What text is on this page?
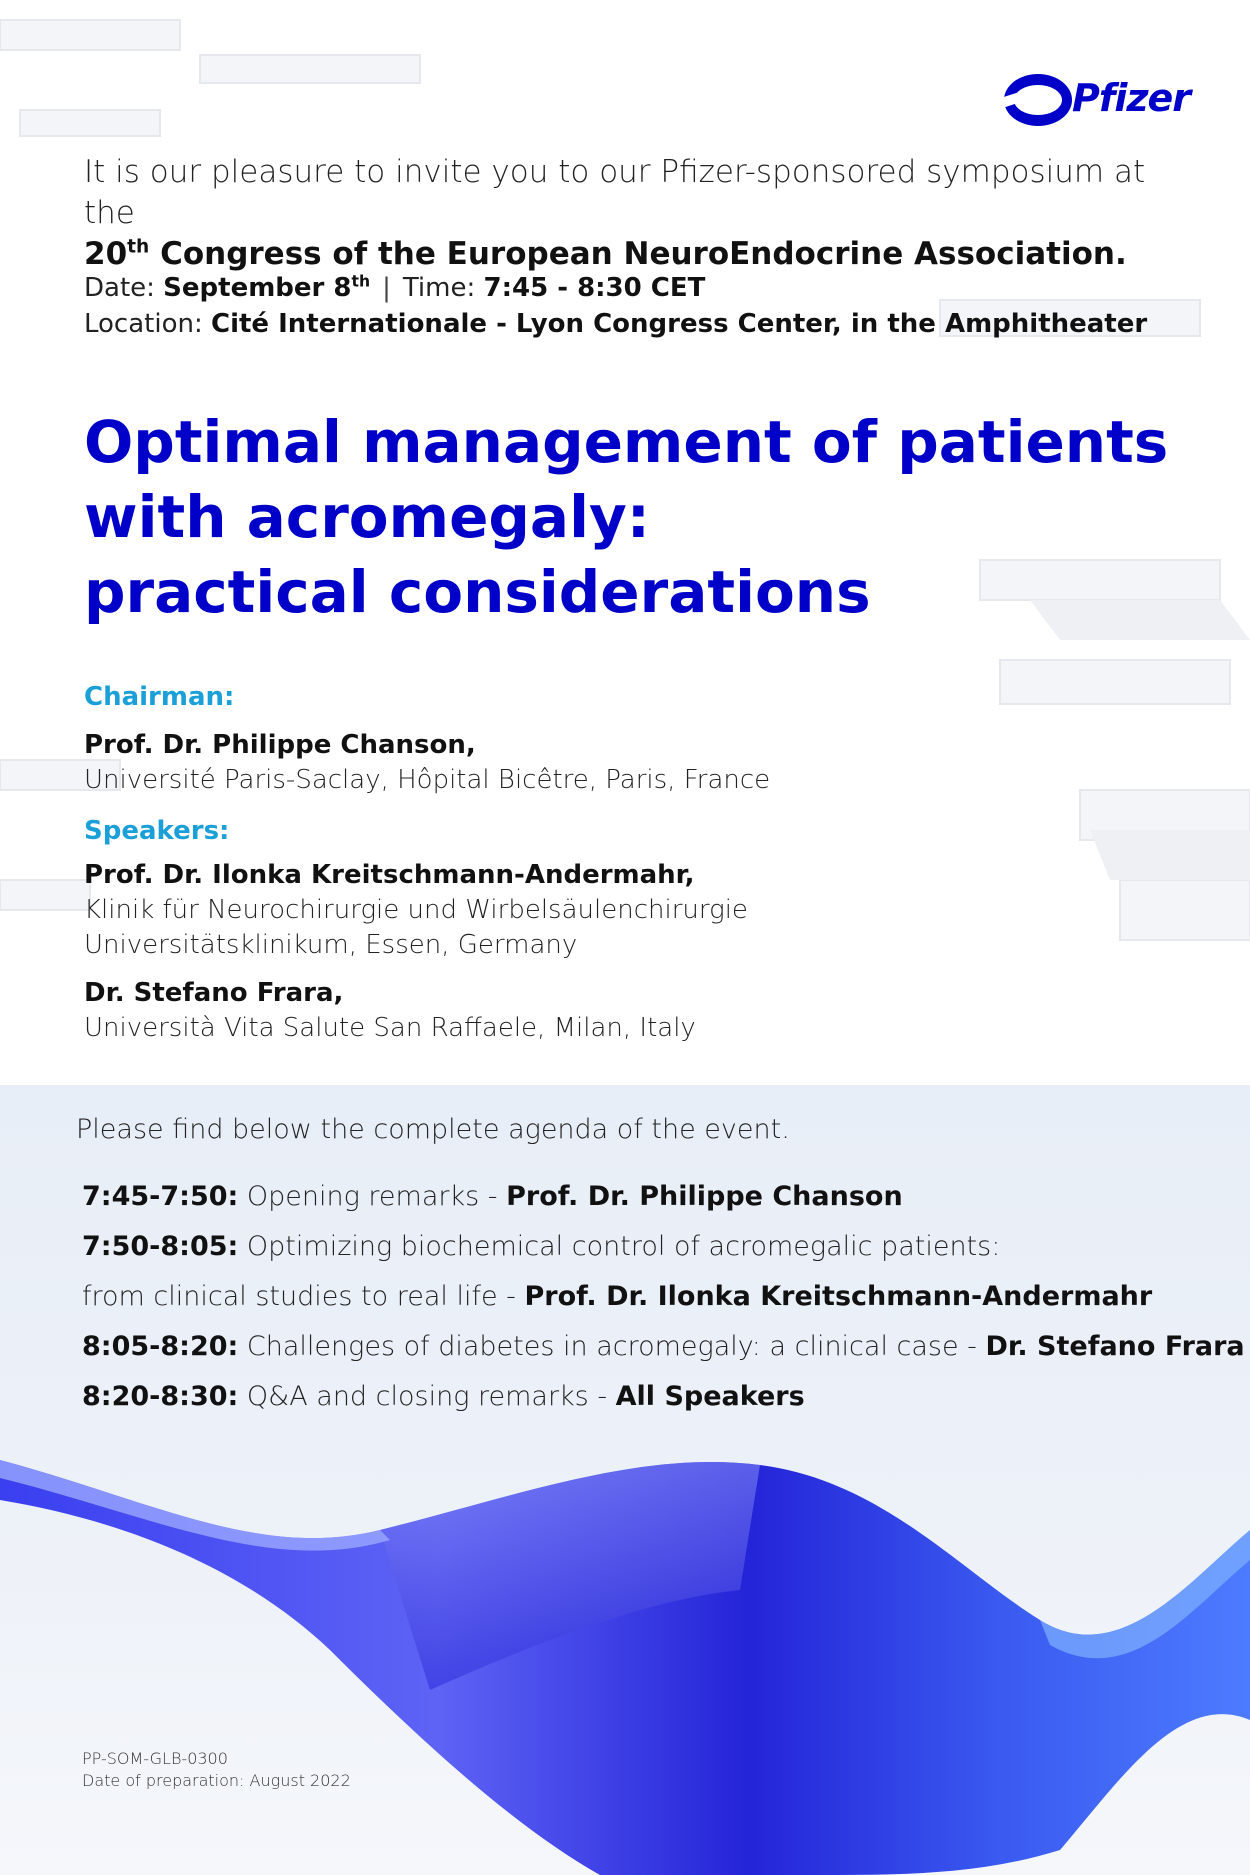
Pfizer
It is our pleasure to invite you to our Pfizer-sponsored symposium at the
20th Congress of the European NeuroEndocrine Association.
Date: September 8th | Time: 7:45 - 8:30 CET
Location: Cité Internationale - Lyon Congress Center, in the Amphitheater
Optimal management of patients
with acromegaly:
practical considerations
Chairman:
Prof. Dr. Philippe Chanson,
Université Paris-Saclay, Hôpital Bicêtre, Paris, France
Speakers:
Prof. Dr. Ilonka Kreitschmann-Andermahr,
Klinik für Neurochirurgie und Wirbelsäulenchirurgie
Universitätsklinikum, Essen, Germany
Dr. Stefano Frara,
Università Vita Salute San Raffaele, Milan, Italy
Please find below the complete agenda of the event.
7:45-7:50: Opening remarks - Prof. Dr. Philippe Chanson
7:50-8:05: Optimizing biochemical control of acromegalic patients:
from clinical studies to real life - Prof. Dr. Ilonka Kreitschmann-Andermahr
8:05-8:20: Challenges of diabetes in acromegaly: a clinical case - Dr. Stefano Frara
8:20-8:30: Q&A and closing remarks - All Speakers
PP-SOM-GLB-0300
Date of preparation: August 2022
